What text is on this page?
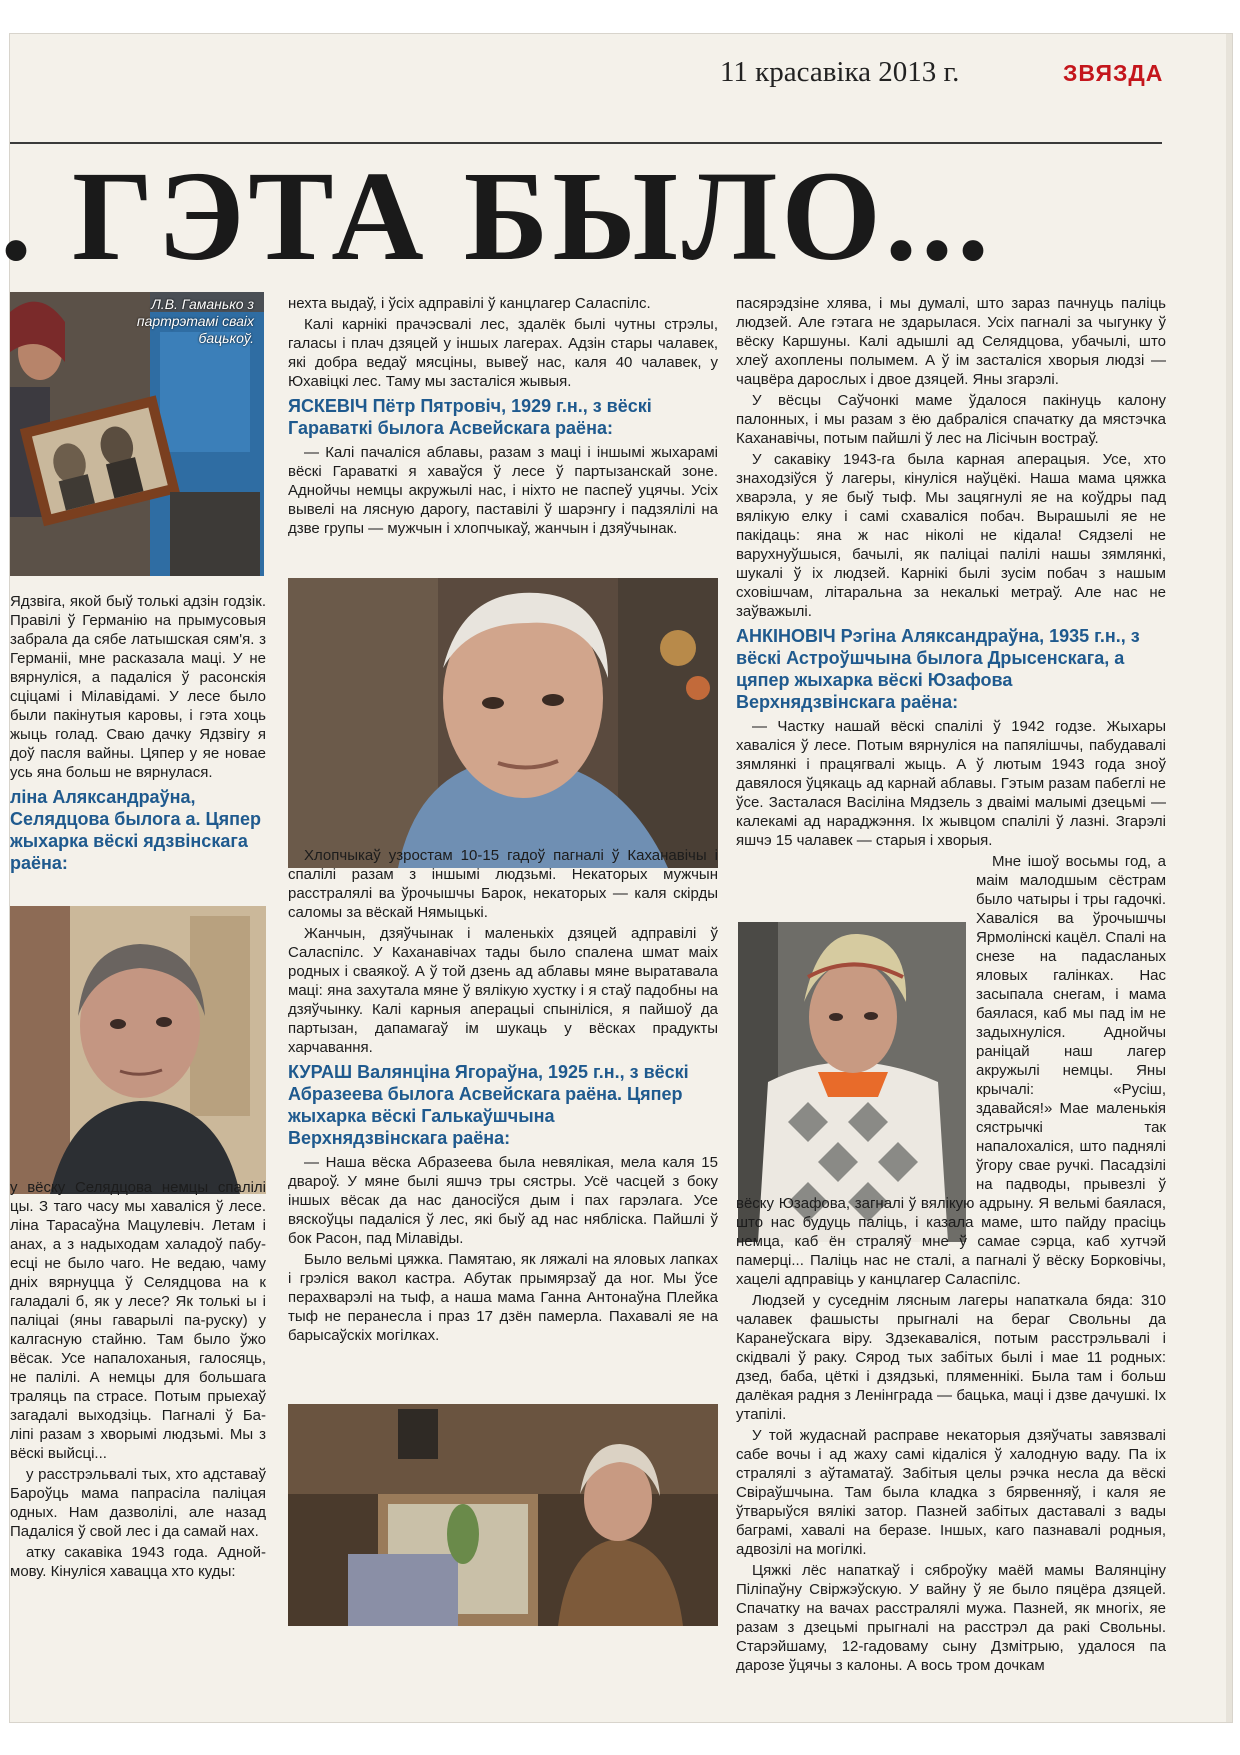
11 красавіка 2013 г.	ЗВЯЗДА
. ГЭТА БЫЛО...
Л.В. Гаманько з партрэтамі сваіх бацькоў.

Ядзвіга, якой быў толькі адзін годзік. Правілі ў Германію на прымусовыя забрала да сябе латышская сям'я. з Германіі, мне расказала маці. У не вярнуліся, а падаліся ў расонскія сціцамі і Мілавідамі. У лесе было были пакінутыя каровы, і гэта хоць жыць голад. Сваю дачку Ядзвігу я доў пасля вайны. Цяпер у яе новае усь яна больш не вярнулася.

ліна Аляксандраўна, Селядцова былога а. Цяпер жыхарка вёскі ядзвінскага раёна:

у вёску Селядцова немцы спалілі цы. З таго часу мы хаваліся ў лесе. ліна Тарасаўна Мацулевіч. Летам і анах, а з надыходам халадоў пабу- есці не было чаго. Не ведаю, чаму дніх вярнуцца ў Селядцова на к галадалі б, як у лесе? Як толькі ы і паліцаі (яны гаварылі па-руску) у калгасную стайню. Там было ўжо вёсак. Усе напалоханыя, галосяць, не палілі. А немцы для большага траляць па страсе. Потым прыехаў загадалі выходзіць. Пагналі ў Ба- ліпі разам з хворымі людзьмі. Мы з вёскі выйсці...

у расстрэльвалі тых, хто адставаў Бароўць мама папрасіла паліцая одных. Нам дазволілі, але назад Падаліся ў свой лес і да самай нах.

атку сакавіка 1943 года. Адной- мову. Кінуліся хавацца хто куды:

нехта выдаў, і ўсіх адправілі ў канцлагер Саласпілс.

Калі карнікі прачэсвалі лес, здалёк былі чутны стрэлы, галасы і плач дзяцей у іншых лагерах. Адзін стары чалавек, які добра ведаў мясціны, вывеў нас, каля 40 чалавек, у Юхавіцкі лес. Таму мы засталіся жывыя.

ЯСКЕВІЧ Пётр Пятровіч, 1929 г.н., з вёскі Гараваткі былога Асвейскага раёна:

— Калі пачаліся аблавы, разам з маці і іншымі жыхарамі вёскі Гараваткі я хаваўся ў лесе ў партызанскай зоне. Аднойчы немцы акружылі нас, і ніхто не паспеў уцячы. Усіх вывелі на лясную дарогу, паставілі ў шарэнгу і падзялілі на дзве групы — мужчын і хлопчыкаў, жанчын і дзяўчынак.

Хлопчыкаў узростам 10-15 гадоў пагналі ў Каханавічы і спалілі разам з іншымі людзьмі. Некаторых мужчын расстралялі ва ўрочышчы Барок, некаторых — каля скірды саломы за вёскай Нямыцькі.

Жанчын, дзяўчынак і маленькіх дзяцей адправілі ў Саласпілс. У Каханавічах тады было спалена шмат маіх родных і сваякоў. А ў той дзень ад аблавы мяне выратавала маці: яна захутала мяне ў вялікую хустку і я стаў падобны на дзяўчынку. Калі карныя аперацыі спыніліся, я пайшоў да партызан, дапамагаў ім шукаць у вёсках прадукты харчавання.

КУРАШ Валянціна Ягораўна, 1925 г.н., з вёскі Абразеева былога Асвейскага раёна. Цяпер жыхарка вёскі Галькаўшчына Верхнядзвінскага раёна:

— Наша вёска Абразеева была невялікая, мела каля 15 двароў. У мяне былі яшчэ тры сястры. Усё часцей з боку іншых вёсак да нас даносіўся дым і пах гарэлага. Усе вяскоўцы падаліся ў лес, які быў ад нас нябліска. Пайшлі ў бок Расон, пад Мілавіды.

Было вельмі цяжка. Памятаю, як ляжалі на яловых лапках і грэліся вакол кастра. Абутак прымярзаў да ног. Мы ўсе перахварэлі на тыф, а наша мама Ганна Антонаўна Плейка тыф не перанесла і праз 17 дзён памерла. Пахавалі яе на барысаўскіх могілках.

пасярэдзіне хлява, і мы думалі, што зараз пачнуць паліць людзей. Але гэтага не здарылася. Усіх пагналі за чыгунку ў вёску Каршуны. Калі адышлі ад Селядцова, убачылі, што хлеў ахоплены полымем. А ў ім засталіся хворыя людзі — чацвёра дарослых і двое дзяцей. Яны згарэлі.

У вёсцы Саўчонкі маме ўдалося пакінуць калону палонных, і мы разам з ёю дабраліся спачатку да мястэчка Каханавічы, потым пайшлі ў лес на Лісічын востраў.

У сакавіку 1943-га была карная аперацыя. Усе, хто знаходзіўся ў лагеры, кінуліся наўцёкі. Наша мама цяжка хварэла, у яе быў тыф. Мы зацягнулі яе на коўдры пад вялікую елку і самі схаваліся побач. Вырашылі яе не пакідаць: яна ж нас ніколі не кідала! Сядзелі не варухнуўшыся, бачылі, як паліцаі палілі нашы зямлянкі, шукалі ў іх людзей. Карнікі былі зусім побач з нашым сховішчам, літаральна за некалькі метраў. Але нас не заўважылі.

АНКІНОВІЧ Рэгіна Аляксандраўна, 1935 г.н., з вёскі Астроўшчына былога Дрысенскага, а цяпер жыхарка вёскі Юзафова Верхнядзвінскага раёна:

— Частку нашай вёскі спалілі ў 1942 годзе. Жыхары хаваліся ў лесе. Потым вярнуліся на папялішчы, пабудавалі зямлянкі і працягвалі жыць. А ў лютым 1943 года зноў давялося ўцякаць ад карнай аблавы. Гэтым разам пабеглі не ўсе. Засталася Васіліна Мядзель з дваімі малымі дзецьмі — калекамі ад нараджэння. Іх жывцом спалілі ў лазні. Згарэлі яшчэ 15 чалавек — старыя і хворыя.

Мне ішоў восьмы год, а маім малодшым сёстрам было чатыры і тры гадочкі. Хаваліся ва ўрочышчы Ярмолінскі кацёл. Спалі на снезе на падасланых яловых галінках. Нас засыпала снегам, і мама баялася, каб мы пад ім не задыхнуліся. Аднойчы раніцай наш лагер акружылі немцы. Яны крычалі: «Русіш, здавайся!» Мае маленькія сястрычкі так напалохаліся, што паднялі ўгору свае ручкі. Пасадзілі на падводы, прывезлі ў вёску Юзафова, загналі ў вялікую адрыну. Я вельмі баялася, што нас будуць паліць, і казала маме, што пайду прасіць немца, каб ён страляў мне ў самае сэрца, каб хутчэй памерці... Паліць нас не сталі, а пагналі ў вёску Борковічы, хацелі адправіць у канцлагер Саласпілс.

Людзей у суседнім лясным лагеры напаткала бяда: 310 чалавек фашысты прыгналі на бераг Свольны да Каранеўскага віру. Здзекаваліся, потым расстрэльвалі і скідвалі ў раку. Сярод тых забітых былі і мае 11 родных: дзед, баба, цёткі і дзядзькі, пляменнікі. Была там і больш далёкая радня з Ленінграда — бацька, маці і дзве дачушкі. Іх утапілі.

У той жудаснай расправе некаторыя дзяўчаты завязвалі сабе вочы і ад жаху самі кідаліся ў халодную ваду. Па іх стралялі з аўтаматаў. Забітыя целы рэчка несла да вёскі Свіраўшчына. Там была кладка з бярвенняў, і каля яе ўтварыўся вялікі затор. Пазней забітых даставалі з вады баграмі, хавалі на беразе. Іншых, каго пазнавалі родныя, адвозілі на могілкі.

Цяжкі лёс напаткаў і сяброўку маёй мамы Валянціну Піліпаўну Свіржэўскую. У вайну ў яе было пяцёра дзяцей. Спачатку на вачах расстралялі мужа. Пазней, як многіх, яе разам з дзецьмі прыгналі на расстрэл да ракі Свольны. Старэйшаму, 12-гадоваму сыну Дзмітрыю, удалося па дарозе ўцячы з калоны. А вось тром дочкам
